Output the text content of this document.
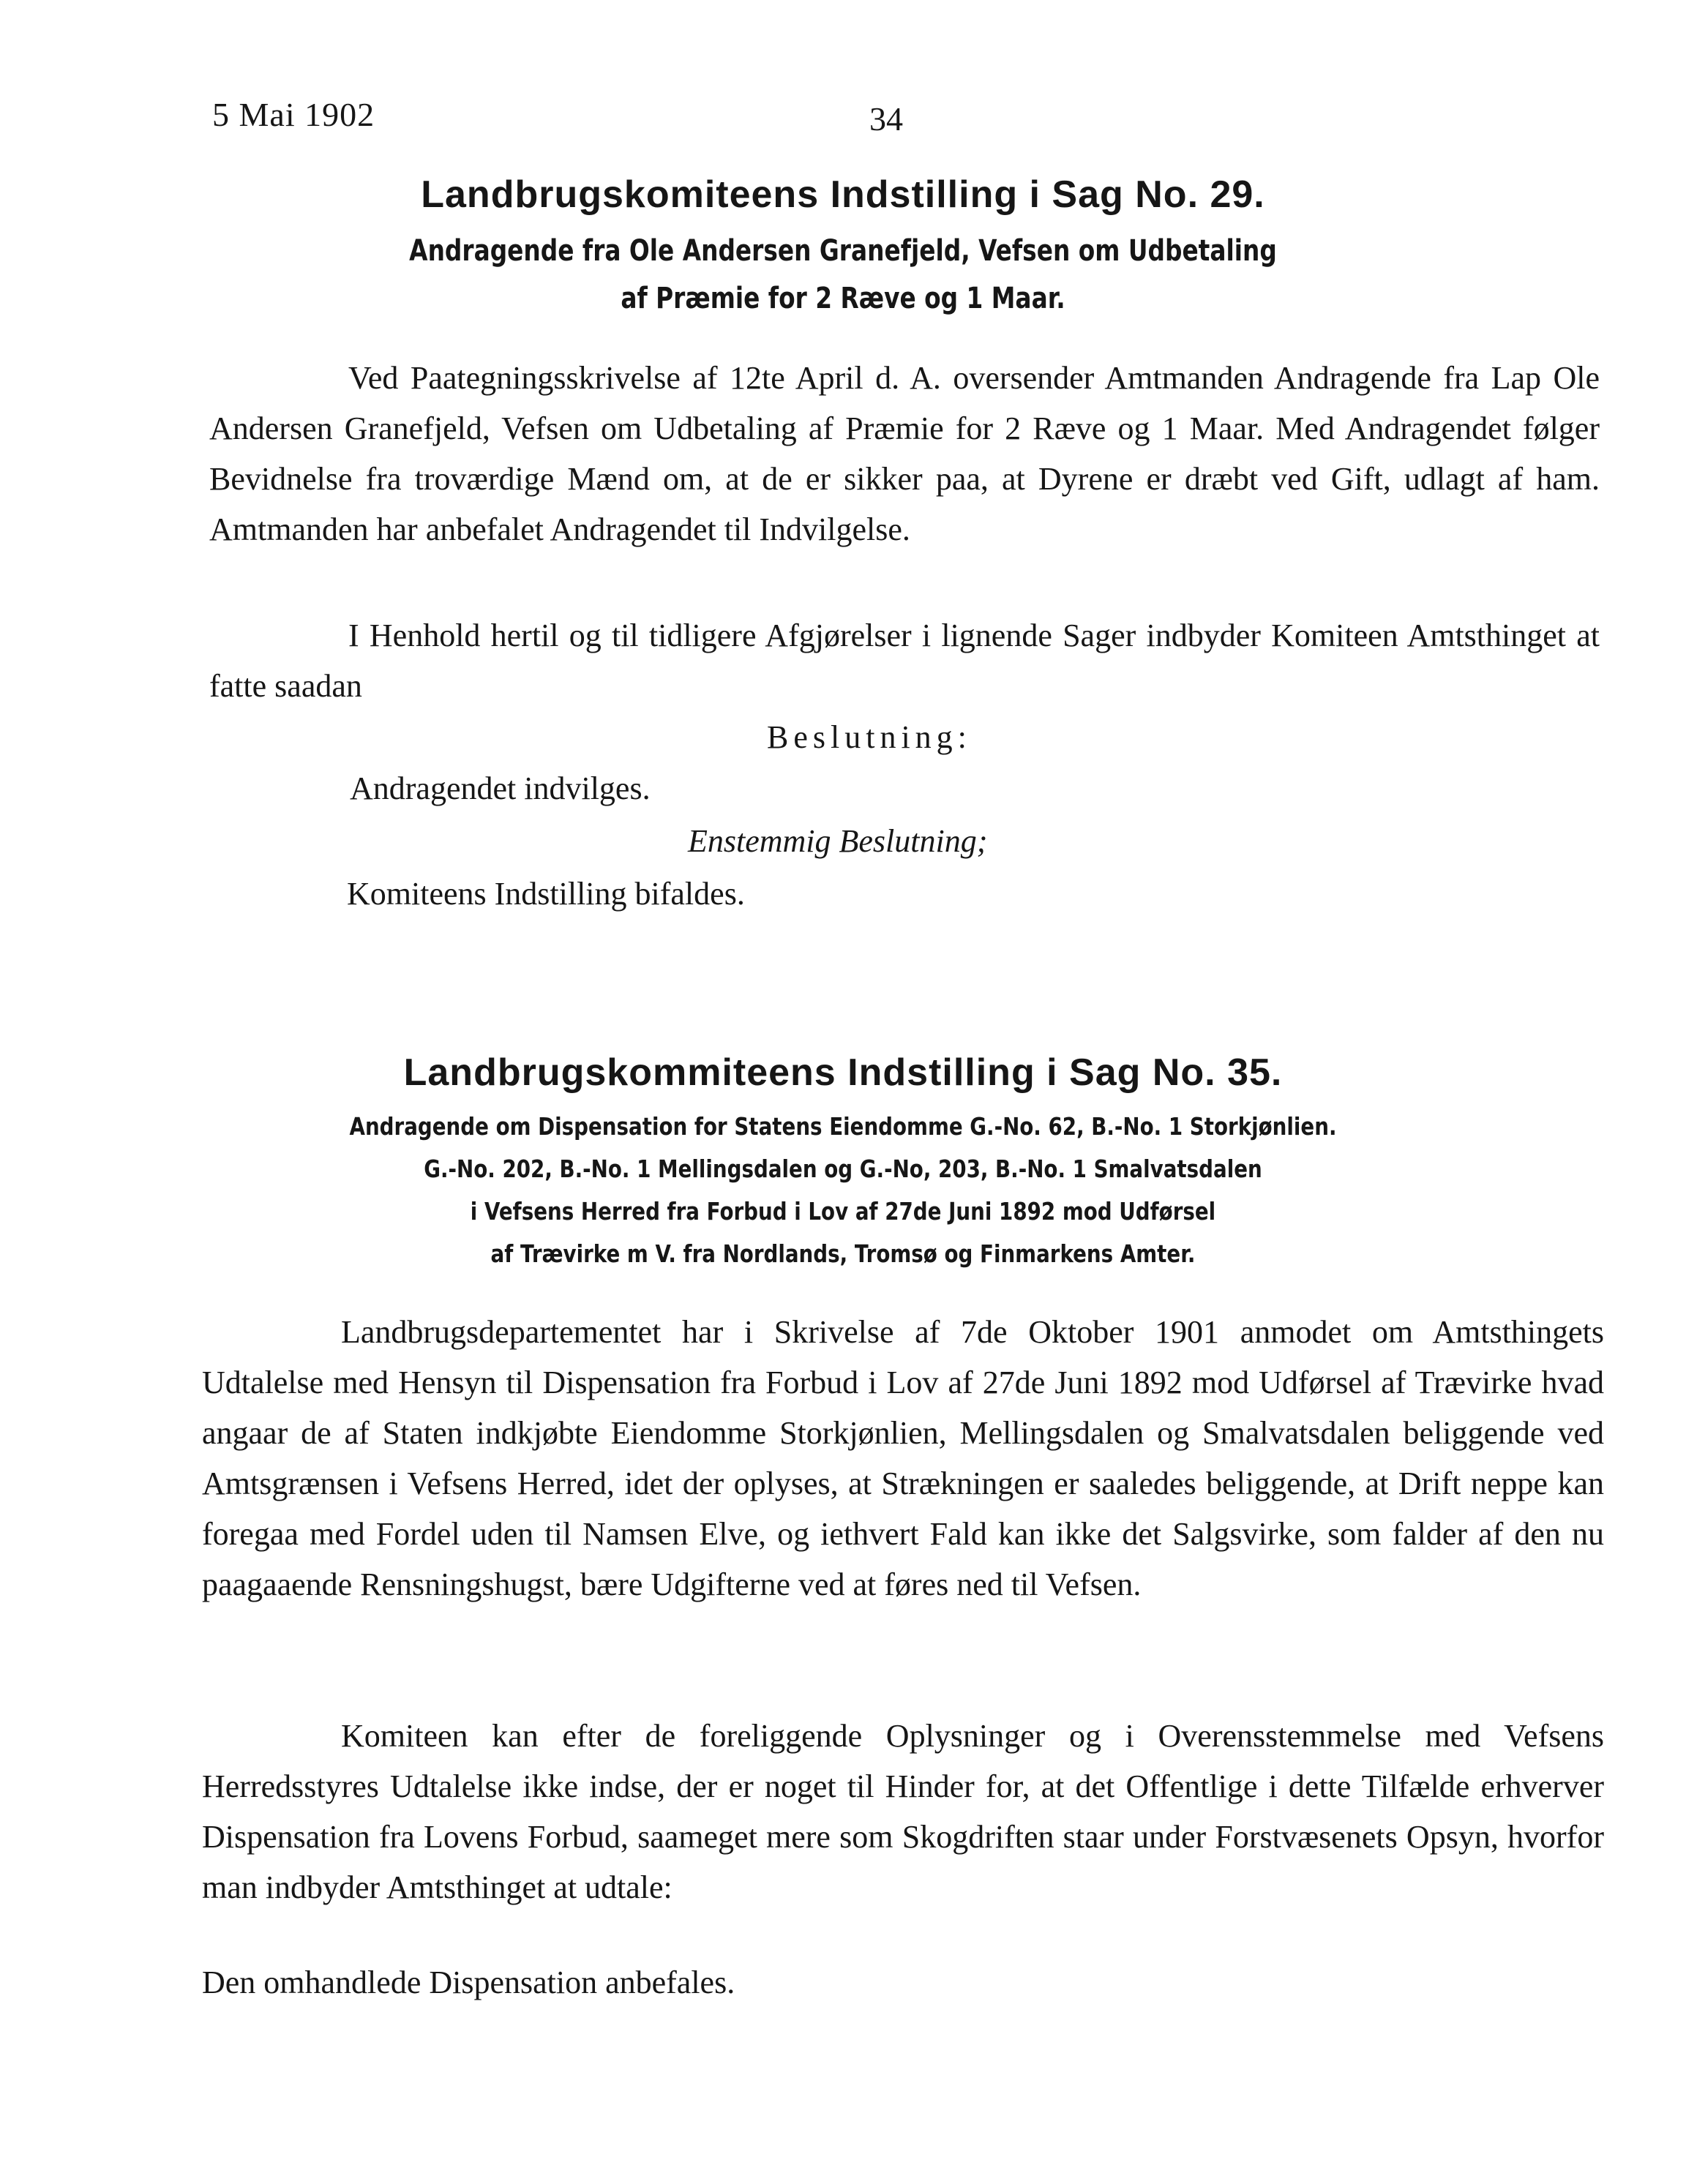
5 Mai 1902	34
Landbrugskomiteens Indstilling i Sag No. 29.
Andragende fra Ole Andersen Granefjeld, Vefsen om Udbetaling
af Præmie for 2 Ræve og 1 Maar.
Ved Paategningsskrivelse af 12te April d. A. oversender Amtmanden Andragende fra Lap Ole Andersen Granefjeld, Vefsen om Udbetaling af Præmie for 2 Ræve og 1 Maar. Med Andragendet følger Bevidnelse fra troværdige Mænd om, at de er sikker paa, at Dyrene er dræbt ved Gift, udlagt af ham. Amtmanden har anbefalet Andragendet til Indvilgelse.
I Henhold hertil og til tidligere Afgjørelser i lignende Sager indbyder Komiteen Amtsthinget at fatte saadan
Beslutning:
Andragendet indvilges.
Enstemmig Beslutning;
Komiteens Indstilling bifaldes.
Landbrugskommiteens Indstilling i Sag No. 35.
Andragende om Dispensation for Statens Eiendomme G.-No. 62, B.-No. 1 Storkjønlien.
G.-No. 202, B.-No. 1 Mellingsdalen og G.-No, 203, B.-No. 1 Smalvatsdalen
i Vefsens Herred fra Forbud i Lov af 27de Juni 1892 mod Udførsel
af Trævirke m V. fra Nordlands, Tromsø og Finmarkens Amter.
Landbrugsdepartementet har i Skrivelse af 7de Oktober 1901 anmodet om Amtsthingets Udtalelse med Hensyn til Dispensation fra Forbud i Lov af 27de Juni 1892 mod Udførsel af Trævirke hvad angaar de af Staten indkjøbte Eiendomme Storkjønlien, Mellingsdalen og Smalvatsdalen beliggende ved Amtsgrænsen i Vefsens Herred, idet der oplyses, at Strækningen er saaledes beliggende, at Drift neppe kan foregaa med Fordel uden til Namsen Elve, og iethvert Fald kan ikke det Salgsvirke, som falder af den nu paagaaende Rensningshugst, bære Udgifterne ved at føres ned til Vefsen.
Komiteen kan efter de foreliggende Oplysninger og i Overensstemmelse med Vefsens Herredsstyres Udtalelse ikke indse, der er noget til Hinder for, at det Offentlige i dette Tilfælde erhverver Dispensation fra Lovens Forbud, saameget mere som Skogdriften staar under Forstvæsenets Opsyn, hvorfor man indbyder Amtsthinget at udtale:
Den omhandlede Dispensation anbefales.
